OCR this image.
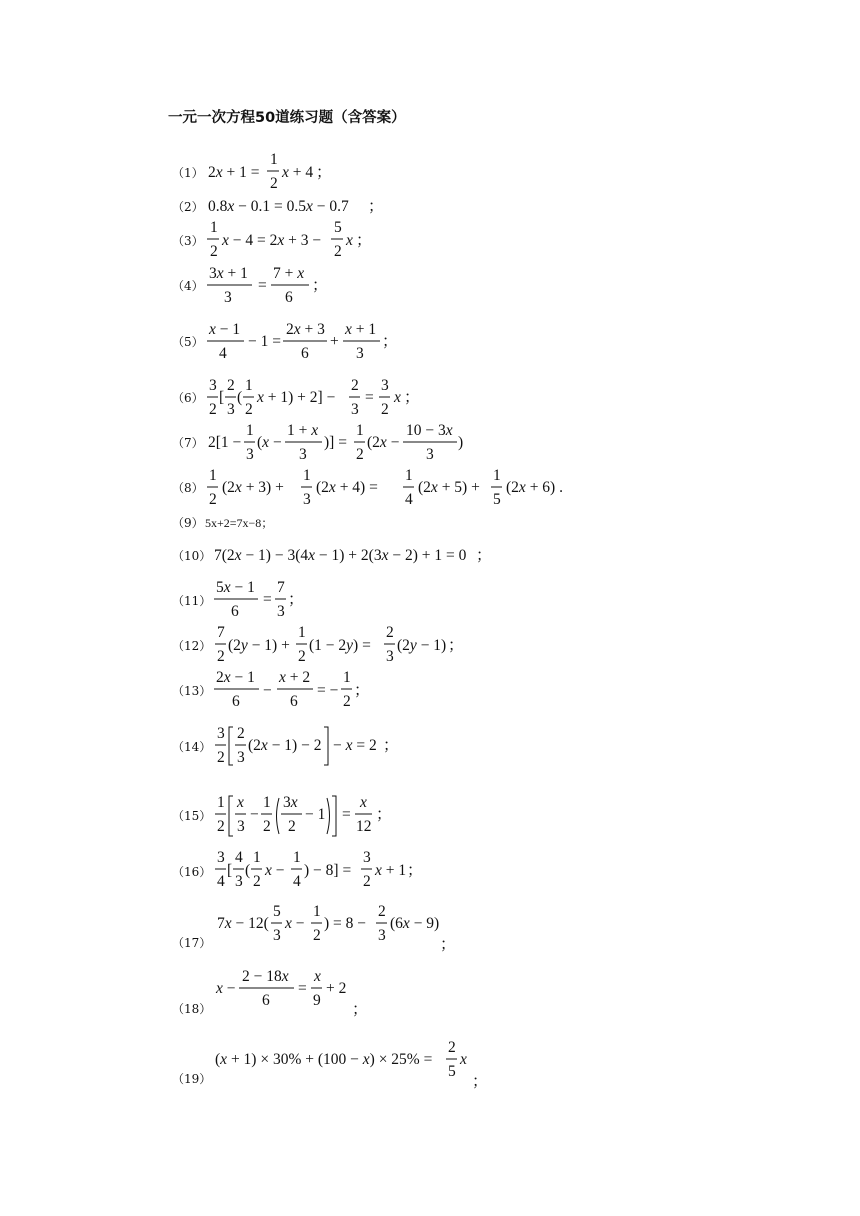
一元一次方程50道练习题（含答案）
（1） 2x + 1 =
1
2
x + 4 ；
（2） 0.8x − 0.1 = 0.5x − 0.7 ；
（3）
1
2
x − 4 = 2x + 3 −
5
2
x ；
（4）
3x + 1
3
=
7 + x
6
；
（5）
x − 1
4
− 1 =
2x + 3
6
+
x + 1
3
；
（6）
3
2
[
2
3
(
1
2
x + 1) + 2] −
2
3
=
3
2
x ；
（7） 2[1 −
1
3
(x −
1 + x
3
)] =
1
2
(2x −
10 − 3x
3
)
（8）
1
2
(2x + 3) +
1
3
(2x + 4) =
1
4
(2x + 5) +
1
5
(2x + 6) .
（9） 5x+2=7x−8；
（10） 7(2x − 1) − 3(4x − 1) + 2(3x − 2) + 1 = 0 ；
（11）
5x − 1
6
=
7
3
；
（12）
7
2
(2y − 1) +
1
2
(1 − 2y) =
2
3
(2y − 1) ；
（13）
2x − 1
6
−
x + 2
6
= −
1
2
；
（14）
3
2
2
3
(2x − 1) − 2 − x = 2 ；
（15）
1
2
x
3
−
1
2
3x
2
− 1 =
x
12
；
（16）
3
4
[
4
3
(
1
2
x −
1
4
) − 8] =
3
2
x + 1 ；
（17）
7x − 12(
5
3
x −
1
2
) = 8 −
2
3
(6x − 9)
；
（18）
x −
2 − 18x
6
=
x
9
+ 2
；
（19）
(x + 1) × 30% + (100 − x) × 25% =
2
5
x
；
